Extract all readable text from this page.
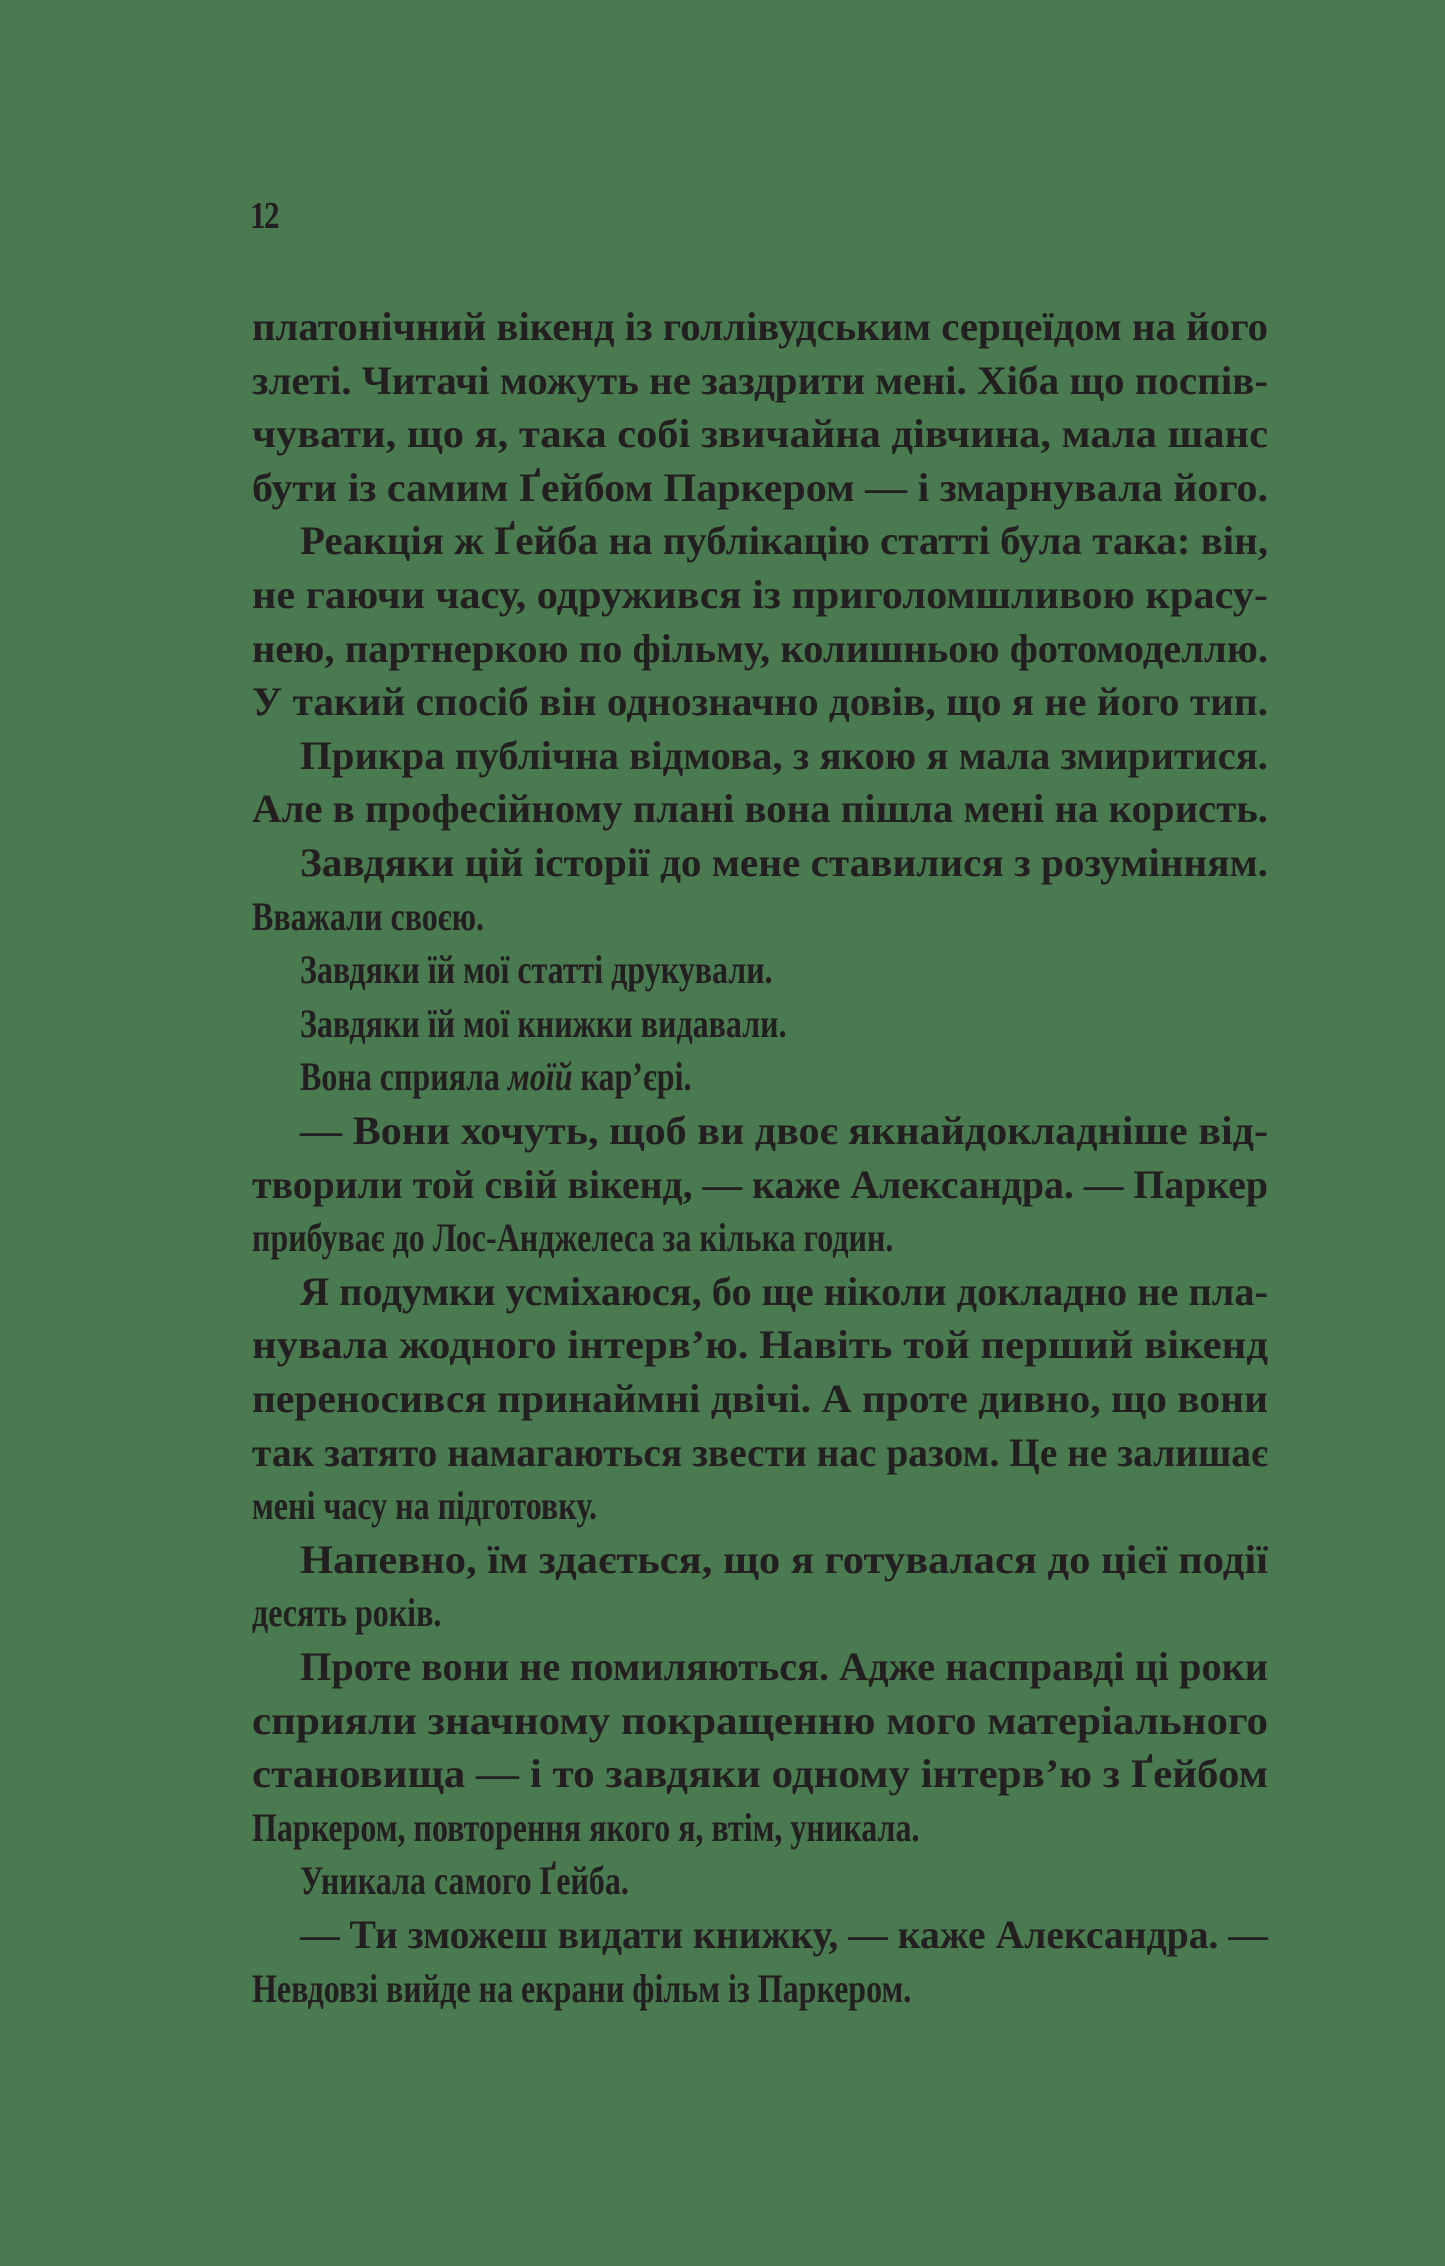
12
платонічний вікенд із голлівудським серцеїдом на його
злеті. Читачі можуть не заздрити мені. Хіба що поспів-
чувати, що я, така собі звичайна дівчина, мала шанс
бути із самим Ґейбом Паркером — і змарнувала його.
Реакція ж Ґейба на публікацію статті була така: він,
не гаючи часу, одружився із приголомшливою красу-
нею, партнеркою по фільму, колишньою фотомоделлю.
У такий спосіб він однозначно довів, що я не його тип.
Прикра публічна відмова, з якою я мала змиритися.
Але в професійному плані вона пішла мені на користь.
Завдяки цій історії до мене ставилися з розумінням.
Вважали своєю.
Завдяки їй мої статті друкували.
Завдяки їй мої книжки видавали.
Вона сприяла моїй кар’єрі.
— Вони хочуть, щоб ви двоє якнайдокладніше від-
творили той свій вікенд, — каже Александра. — Паркер
прибуває до Лос-Анджелеса за кілька годин.
Я подумки усміхаюся, бо ще ніколи докладно не пла-
нувала жодного інтерв’ю. Навіть той перший вікенд
переносився принаймні двічі. А проте дивно, що вони
так затято намагаються звести нас разом. Це не залишає
мені часу на підготовку.
Напевно, їм здається, що я готувалася до цієї події
десять років.
Проте вони не помиляються. Адже насправді ці роки
сприяли значному покращенню мого матеріального
становища — і то завдяки одному інтерв’ю з Ґейбом
Паркером, повторення якого я, втім, уникала.
Уникала самого Ґейба.
— Ти зможеш видати книжку, — каже Александра. —
Невдовзі вийде на екрани фільм із Паркером.
